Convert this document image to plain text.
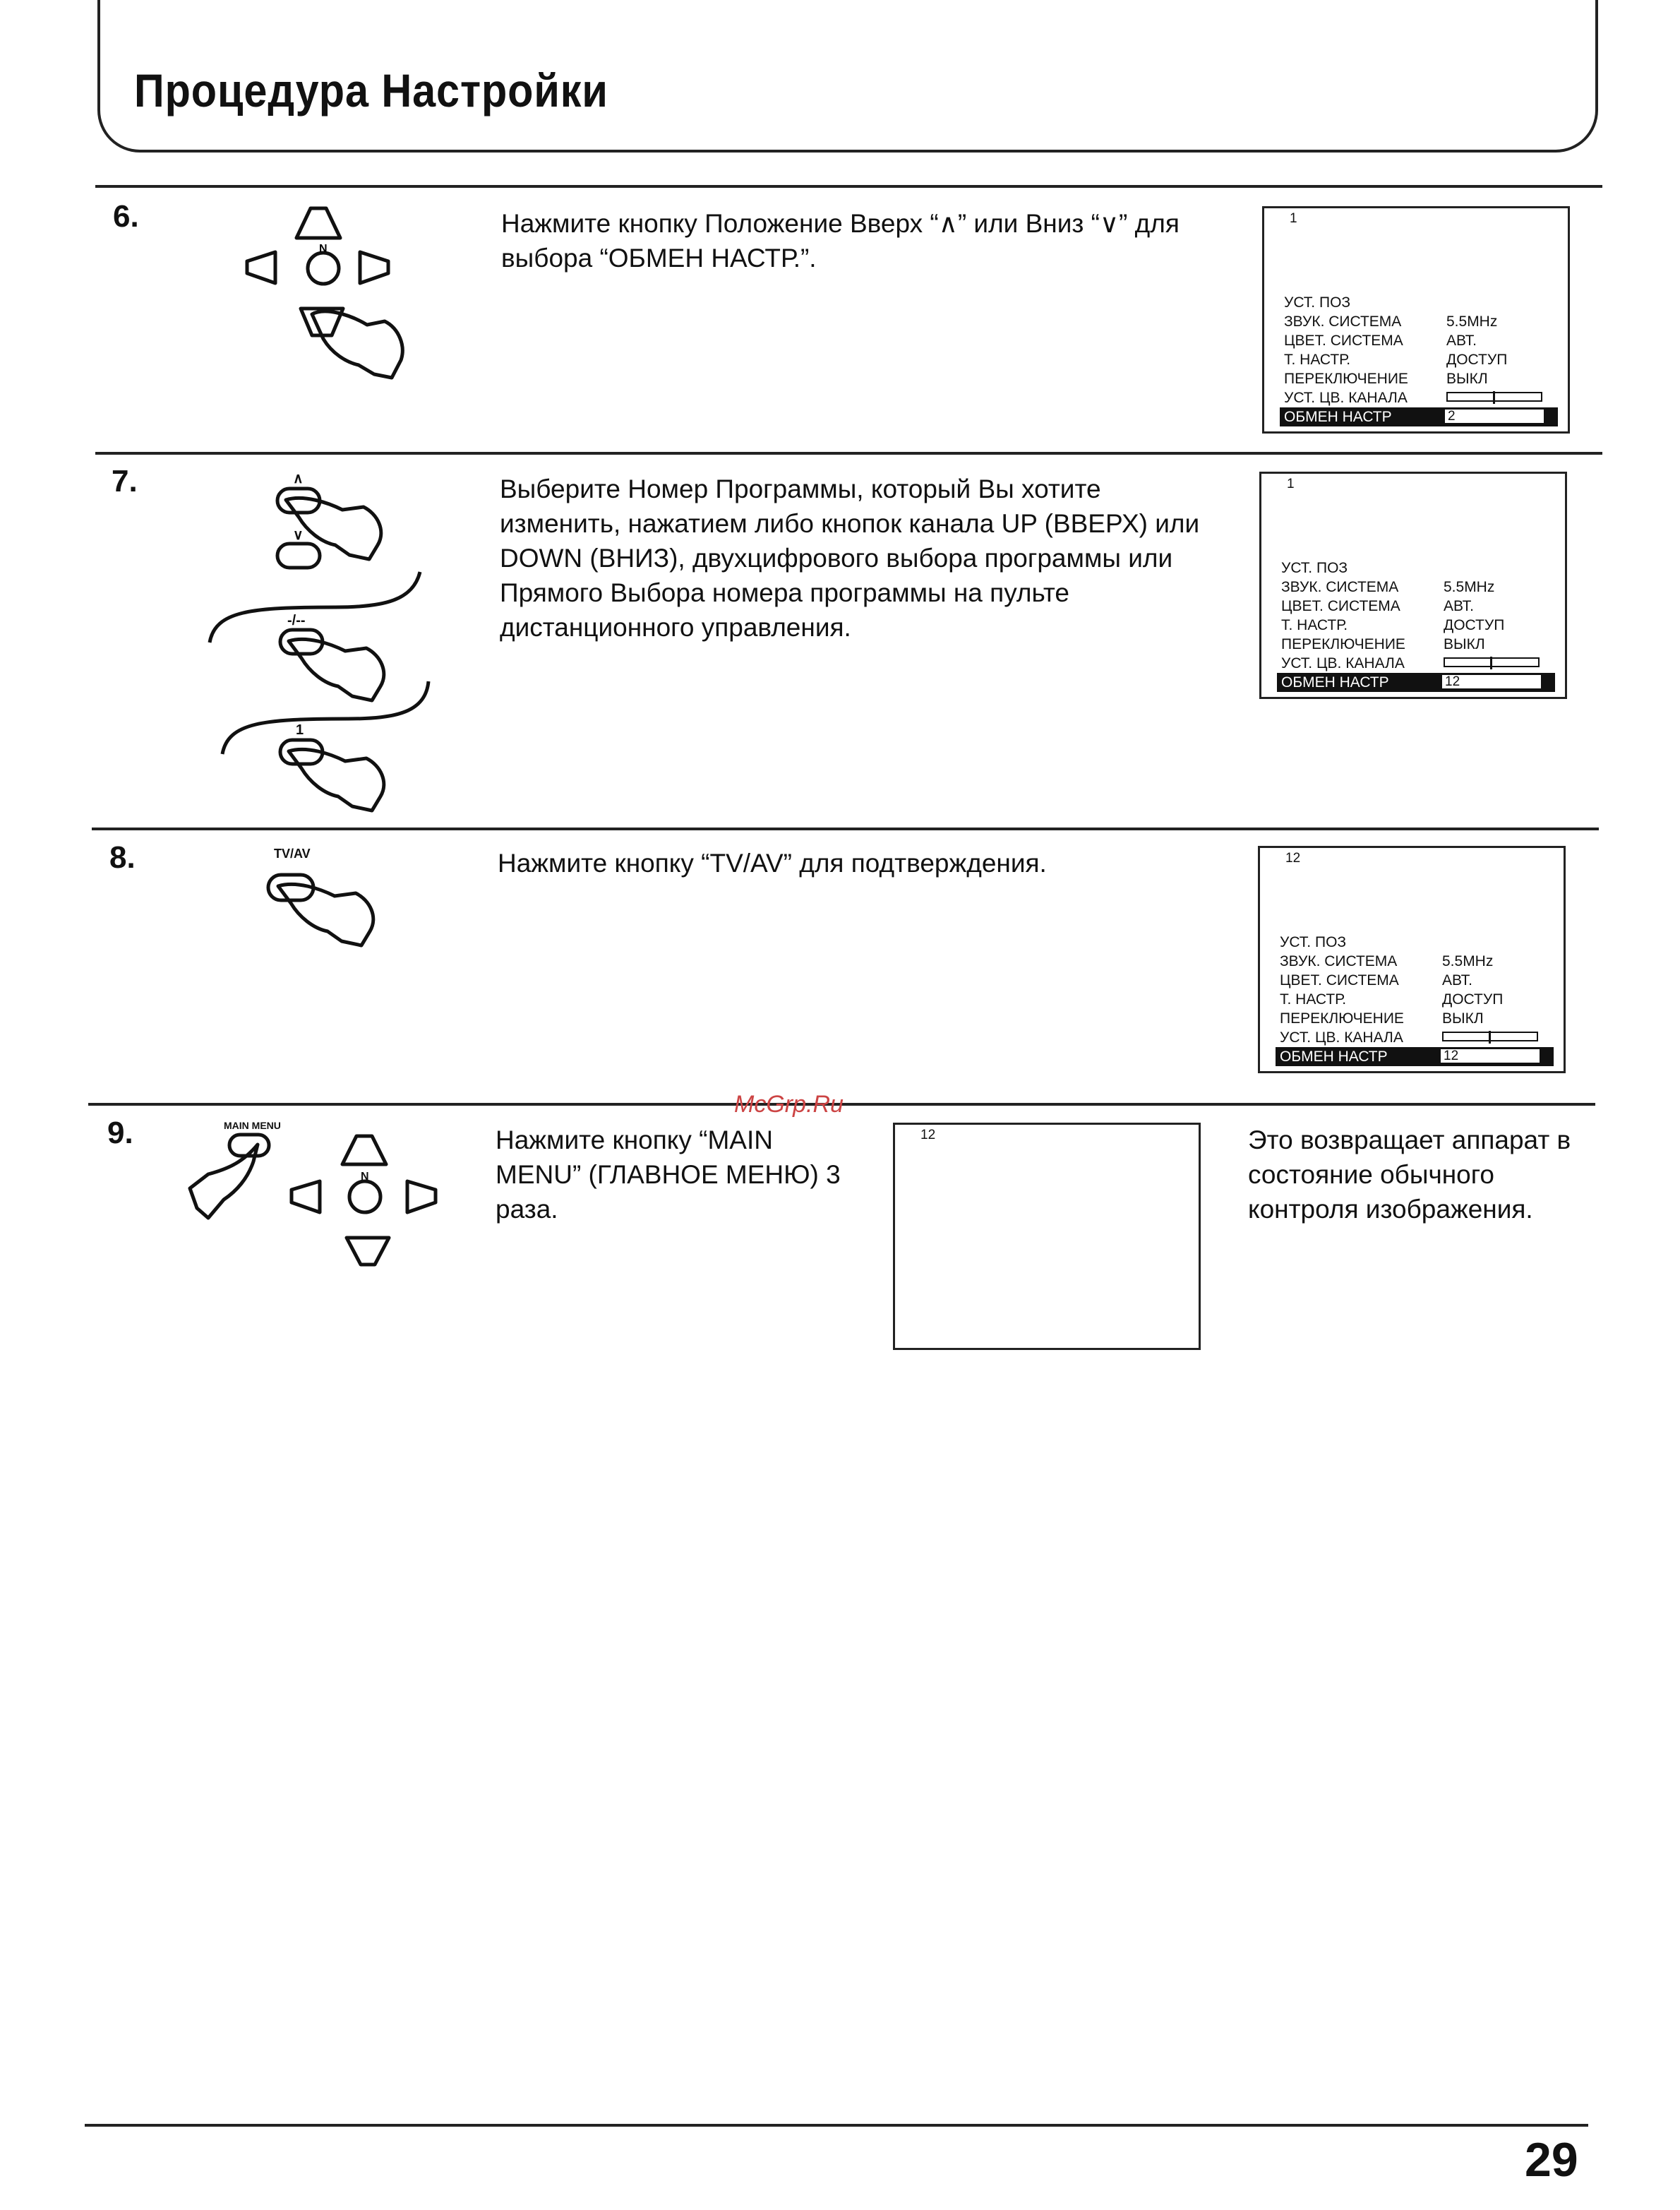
Процедура Настройки
6.
N
Нажмите кнопку Положение Вверх “∧” или Вниз “∨” для выбора “ОБМЕН НАСТР.”.
1
УСТ. ПОЗ
ЗВУК. СИСТЕМА	5.5MHz
ЦВЕТ. СИСТЕМА	АВТ.
Т. НАСТР.	ДОСТУП
ПЕРЕКЛЮЧЕНИЕ	ВЫКЛ
УСТ. ЦВ. КАНАЛА
ОБМЕН НАСТР	2
7.	∧
∨
-/--
1
Выберите Номер Программы, который Вы хотите изменить, нажатием либо кнопок канала UP (ВВЕРХ) или DOWN (ВНИЗ), двухцифрового выбора программы или Прямого Выбора номера программы на пульте дистанционного управления.
1
УСТ. ПОЗ
ЗВУК. СИСТЕМА	5.5MHz
ЦВЕТ. СИСТЕМА	АВТ.
Т. НАСТР.	ДОСТУП
ПЕРЕКЛЮЧЕНИЕ	ВЫКЛ
УСТ. ЦВ. КАНАЛА
ОБМЕН НАСТР	12
8.	TV/AV	Нажмите кнопку “TV/AV” для подтверждения.	12
УСТ. ПОЗ
ЗВУК. СИСТЕМА	5.5MHz
ЦВЕТ. СИСТЕМА	АВТ.
Т. НАСТР.	ДОСТУП
ПЕРЕКЛЮЧЕНИЕ	ВЫКЛ
УСТ. ЦВ. КАНАЛА
ОБМЕН НАСТР	12
9.	MAIN MENU
N
Нажмите кнопку “MAIN MENU” (ГЛАВНОЕ МЕНЮ) 3 раза.
12	Это возвращает аппарат в состояние обычного контроля изображения.
McGrp.Ru
29
